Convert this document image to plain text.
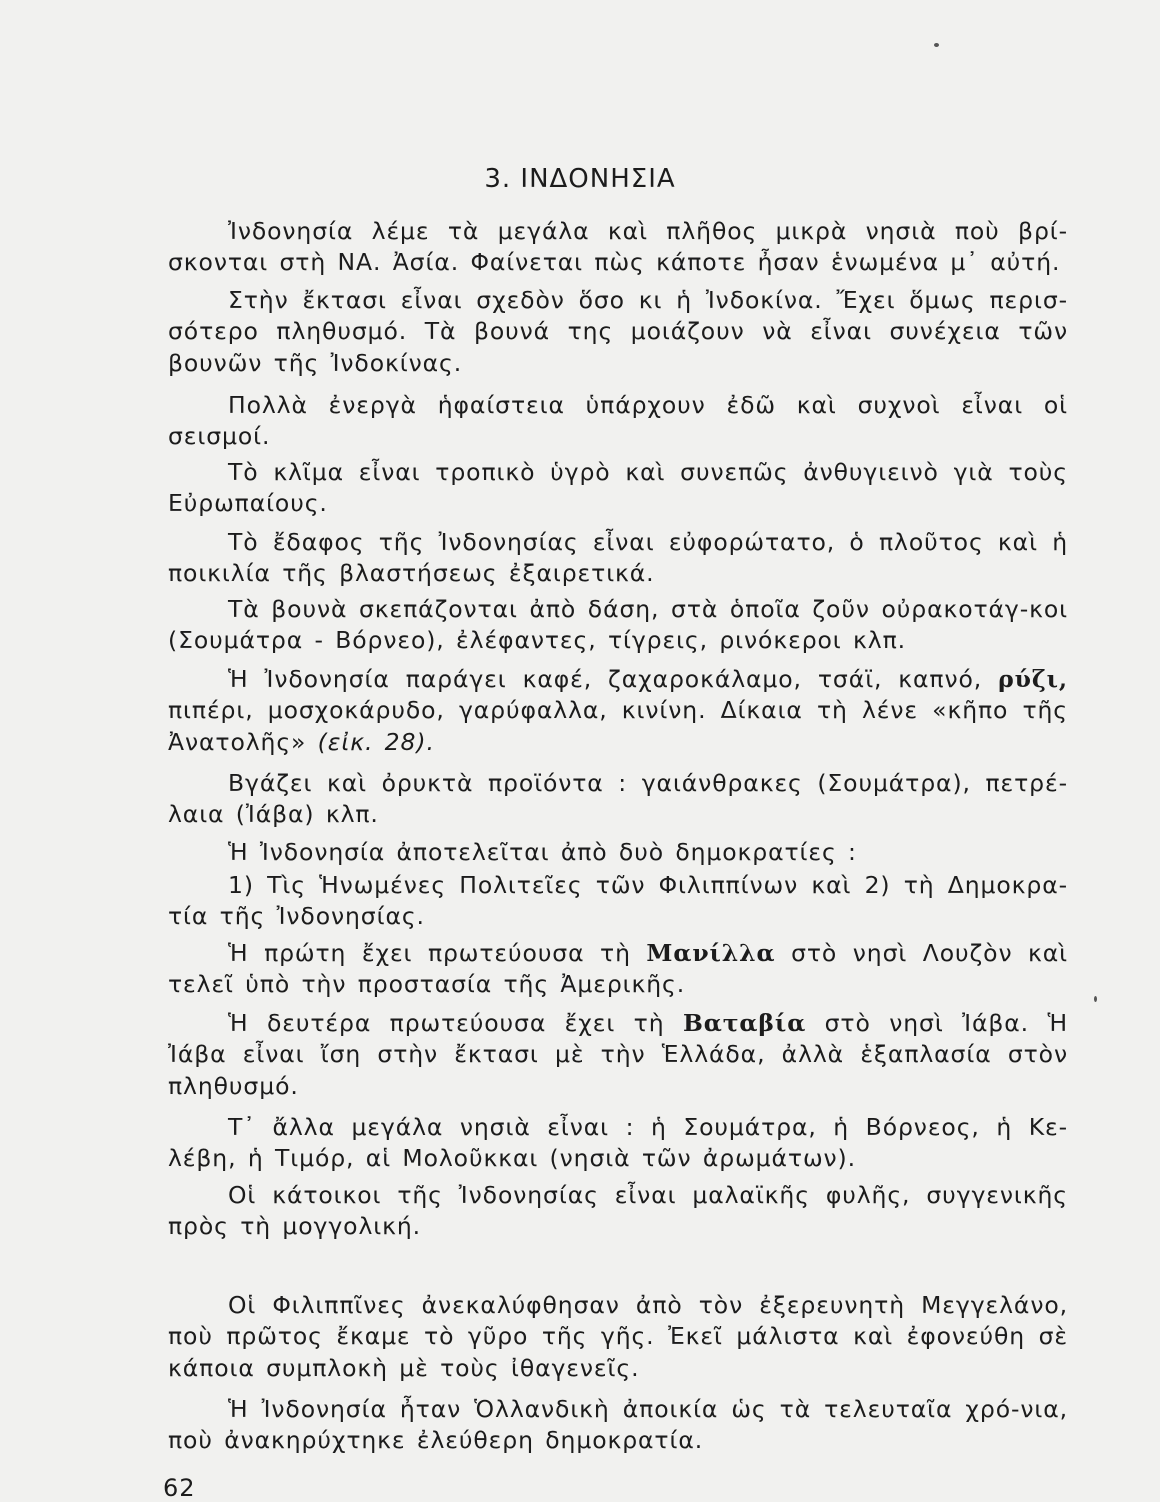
3. ΙΝΔΟΝΗΣΙΑ

Ἰνδονησία λέμε τὰ μεγάλα καὶ πλῆθος μικρὰ νησιὰ ποὺ βρί-σκονται στὴ ΝΑ. Ἀσία. Φαίνεται πὼς κάποτε ἦσαν ἑνωμένα μ᾽ αὐτή.

Στὴν ἔκτασι εἶναι σχεδὸν ὅσο κι ἡ Ἰνδοκίνα. Ἔχει ὅμως περισ-σότερο πληθυσμό. Τὰ βουνά της μοιάζουν νὰ εἶναι συνέχεια τῶν βουνῶν τῆς Ἰνδοκίνας.

Πολλὰ ἐνεργὰ ἡφαίστεια ὑπάρχουν ἐδῶ καὶ συχνοὶ εἶναι οἱ σεισμοί.

Τὸ κλῖμα εἶναι τροπικὸ ὑγρὸ καὶ συνεπῶς ἀνθυγιεινὸ γιὰ τοὺς Εὐρωπαίους.

Τὸ ἔδαφος τῆς Ἰνδονησίας εἶναι εὐφορώτατο, ὁ πλοῦτος καὶ ἡ ποικιλία τῆς βλαστήσεως ἐξαιρετικά.

Τὰ βουνὰ σκεπάζονται ἀπὸ δάση, στὰ ὁποῖα ζοῦν οὐρακοτάγ-κοι (Σουμάτρα - Βόρνεο), ἐλέφαντες, τίγρεις, ρινόκεροι κλπ.

Ἡ Ἰνδονησία παράγει καφέ, ζαχαροκάλαμο, τσάϊ, καπνό, ρύζι, πιπέρι, μοσχοκάρυδο, γαρύφαλλα, κινίνη. Δίκαια τὴ λένε «κῆπο τῆς Ἀνατολῆς» (εἰκ. 28).

Βγάζει καὶ ὀρυκτὰ προϊόντα : γαιάνθρακες (Σουμάτρα), πετρέ-λαια (Ἰάβα) κλπ.

Ἡ Ἰνδονησία ἀποτελεῖται ἀπὸ δυὸ δημοκρατίες :

1) Τὶς Ἡνωμένες Πολιτεῖες τῶν Φιλιππίνων καὶ 2) τὴ Δημοκρα-τία τῆς Ἰνδονησίας.

Ἡ πρώτη ἔχει πρωτεύουσα τὴ Μανίλλα στὸ νησὶ Λουζὸν καὶ τελεῖ ὑπὸ τὴν προστασία τῆς Ἀμερικῆς.

Ἡ δευτέρα πρωτεύουσα ἔχει τὴ Βαταβία στὸ νησὶ Ἰάβα. Ἡ Ἰάβα εἶναι ἴση στὴν ἔκτασι μὲ τὴν Ἑλλάδα, ἀλλὰ ἑξαπλασία στὸν πληθυσμό.

Τ᾽ ἄλλα μεγάλα νησιὰ εἶναι : ἡ Σουμάτρα, ἡ Βόρνεος, ἡ Κε-λέβη, ἡ Τιμόρ, αἱ Μολοῦκκαι (νησιὰ τῶν ἀρωμάτων).

Οἱ κάτοικοι τῆς Ἰνδονησίας εἶναι μαλαϊκῆς φυλῆς, συγγενικῆς πρὸς τὴ μογγολική.

Οἱ Φιλιππῖνες ἀνεκαλύφθησαν ἀπὸ τὸν ἐξερευνητὴ Μεγγελάνο, ποὺ πρῶτος ἔκαμε τὸ γῦρο τῆς γῆς. Ἐκεῖ μάλιστα καὶ ἐφονεύθη σὲ κάποια συμπλοκὴ μὲ τοὺς ἰθαγενεῖς.

Ἡ Ἰνδονησία ἦταν Ὁλλανδικὴ ἀποικία ὡς τὰ τελευταῖα χρό-νια, ποὺ ἀνακηρύχτηκε ἐλεύθερη δημοκρατία.

62
